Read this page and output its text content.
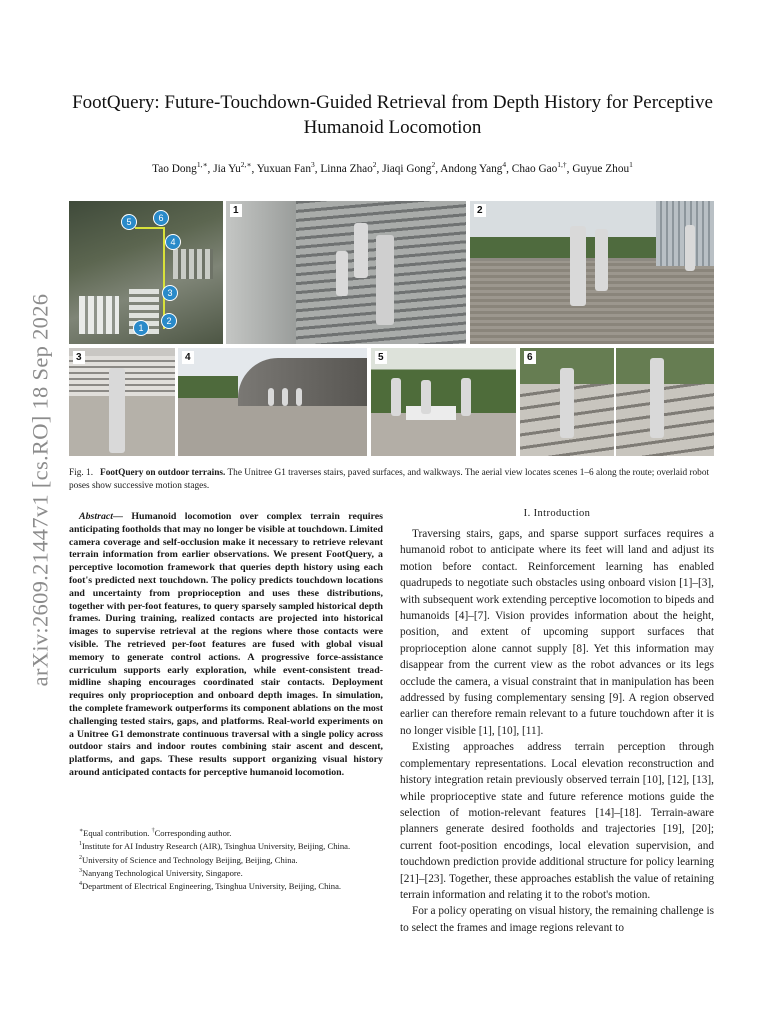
arXiv:2609.21447v1 [cs.RO] 18 Sep 2026
FootQuery: Future-Touchdown-Guided Retrieval from Depth History for Perceptive Humanoid Locomotion
Tao Dong$^{1,∗}$, Jia $Yu^{2,∗}$, Yuxuan Fan$^3$, Linna Zhao$^2$, Jiaqi Gong$^2$, Andong Yang$^4$, Chao Gao$^{1,\dagger}$, Guyue Zhou$^1$
5	6
4
3
2
1
1	2
3	4	5	6
Fig. 1. FootQuery on outdoor terrains. The Unitree G1 traverses stairs, paved surfaces, and walkways. The aerial view locates scenes 1–6 along the route; overlaid robot poses show successive motion stages.

Abstract— Humanoid locomotion over complex terrain requires anticipating footholds that may no longer be visible at touchdown. Limited camera coverage and self-occlusion make it necessary to retrieve relevant terrain information from earlier observations. We present FootQuery, a perceptive locomotion framework that queries depth history using each foot's predicted next touchdown. The policy predicts touchdown locations and uncertainty from proprioception and uses these distributions, together with per-foot features, to query sparsely sampled historical depth frames. During training, realized contacts are projected into historical images to supervise retrieval at the regions where those contacts were visible. The retrieved per-foot features are fused with global visual memory to generate control actions. A progressive force-assistance curriculum supports early exploration, while event-consistent tread-midline shaping encourages coordinated stair contacts. Deployment requires only proprioception and onboard depth images. In simulation, the complete framework outperforms its component ablations on the most challenging tested stairs, gaps, and platforms. Real-world experiments on a Unitree G1 demonstrate continuous traversal with a single policy across outdoor stairs and indoor routes combining stair ascent and descent, platforms, and gaps. These results support organizing visual history around anticipated contacts for perceptive humanoid locomotion.

∗Equal contribution. †Corresponding author.

$^1$Institute for AI Industry Research (AIR), Tsinghua University, Beijing, China.

$^2$University of Science and Technology Beijing, Beijing, China.

$^3$Nanyang Technological University, Singapore.

$^4$Department of Electrical Engineering, Tsinghua University, Beijing, China.

I. Introduction

Traversing stairs, gaps, and sparse support surfaces requires a humanoid robot to anticipate where its feet will land and adjust its motion before contact. Reinforcement learning has enabled quadrupeds to negotiate such obstacles using onboard vision [1]–[3], with subsequent work extending perceptive locomotion to bipeds and humanoids [4]–[7]. Vision provides information about the height, position, and extent of upcoming support surfaces that proprioception alone cannot supply [8]. Yet this information may disappear from the current view as the robot advances or its legs occlude the camera, a visual constraint that in manipulation has been addressed by fusing complementary sensing [9]. A region observed earlier can therefore remain relevant to a future touchdown after it is no longer visible [1], [10], [11].

Existing approaches address terrain perception through complementary representations. Local elevation reconstruction and history integration retain previously observed terrain [10], [12], [13], while proprioceptive state and future reference motions guide the selection of motion-relevant features [14]–[18]. Terrain-aware planners generate desired footholds and trajectories [19], [20]; current foot-position encodings, local elevation supervision, and touchdown prediction provide additional structure for policy learning [21]–[23]. Together, these approaches establish the value of retaining terrain information and relating it to the robot's motion.

For a policy operating on visual history, the remaining challenge is to select the frames and image regions relevant to
